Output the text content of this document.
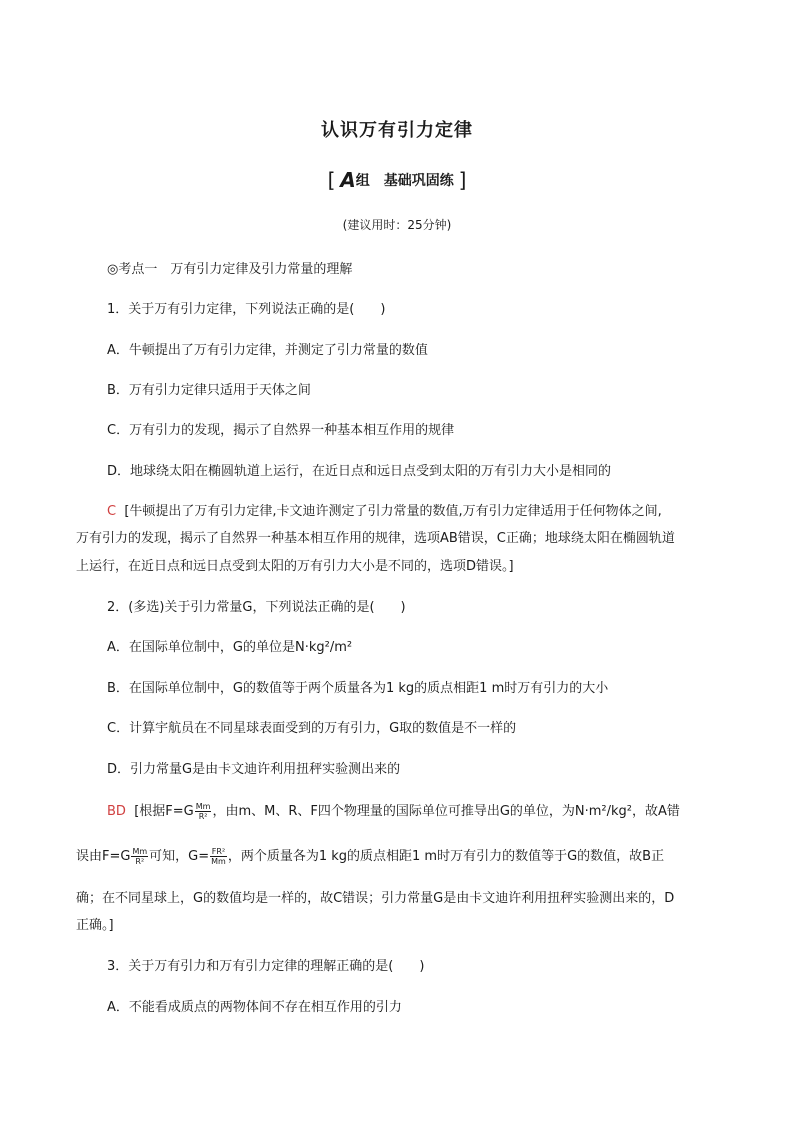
认识万有引力定律
[ A组　基础巩固练 ]
(建议用时：25分钟)
◎考点一　万有引力定律及引力常量的理解
1．关于万有引力定律，下列说法正确的是(　　)
A．牛顿提出了万有引力定律，并测定了引力常量的数值
B．万有引力定律只适用于天体之间
C．万有引力的发现，揭示了自然界一种基本相互作用的规律
D．地球绕太阳在椭圆轨道上运行，在近日点和远日点受到太阳的万有引力大小是相同的
C [牛顿提出了万有引力定律,卡文迪许测定了引力常量的数值,万有引力定律适用于任何物体之间,
万有引力的发现，揭示了自然界一种基本相互作用的规律，选项AB错误，C正确；地球绕太阳在椭圆轨道
上运行，在近日点和远日点受到太阳的万有引力大小是不同的，选项D错误。]
2．(多选)关于引力常量G，下列说法正确的是(　　)
A．在国际单位制中，G的单位是N·kg²/m²
B．在国际单位制中，G的数值等于两个质量各为1 kg的质点相距1 m时万有引力的大小
C．计算宇航员在不同星球表面受到的万有引力，G取的数值是不一样的
D．引力常量G是由卡文迪许利用扭秤实验测出来的
BD [根据$F=G \frac{Mm}{\text{R²}}$ ，由m、M、R、F四个物理量的国际单位可推导出G的单位，为N·m²/kg²，故A错
误由$F=G \frac{Mm}{\text{R²}}$ 可知，$G= \frac{\text{FR²}}{Mm}$ ，两个质量各为1 kg的质点相距1 m时万有引力的数值等于G的数值，故B正
确；在不同星球上，G的数值均是一样的，故C错误；引力常量G是由卡文迪许利用扭秤实验测出来的，D
正确。]
3．关于万有引力和万有引力定律的理解正确的是(　　)
A．不能看成质点的两物体间不存在相互作用的引力
